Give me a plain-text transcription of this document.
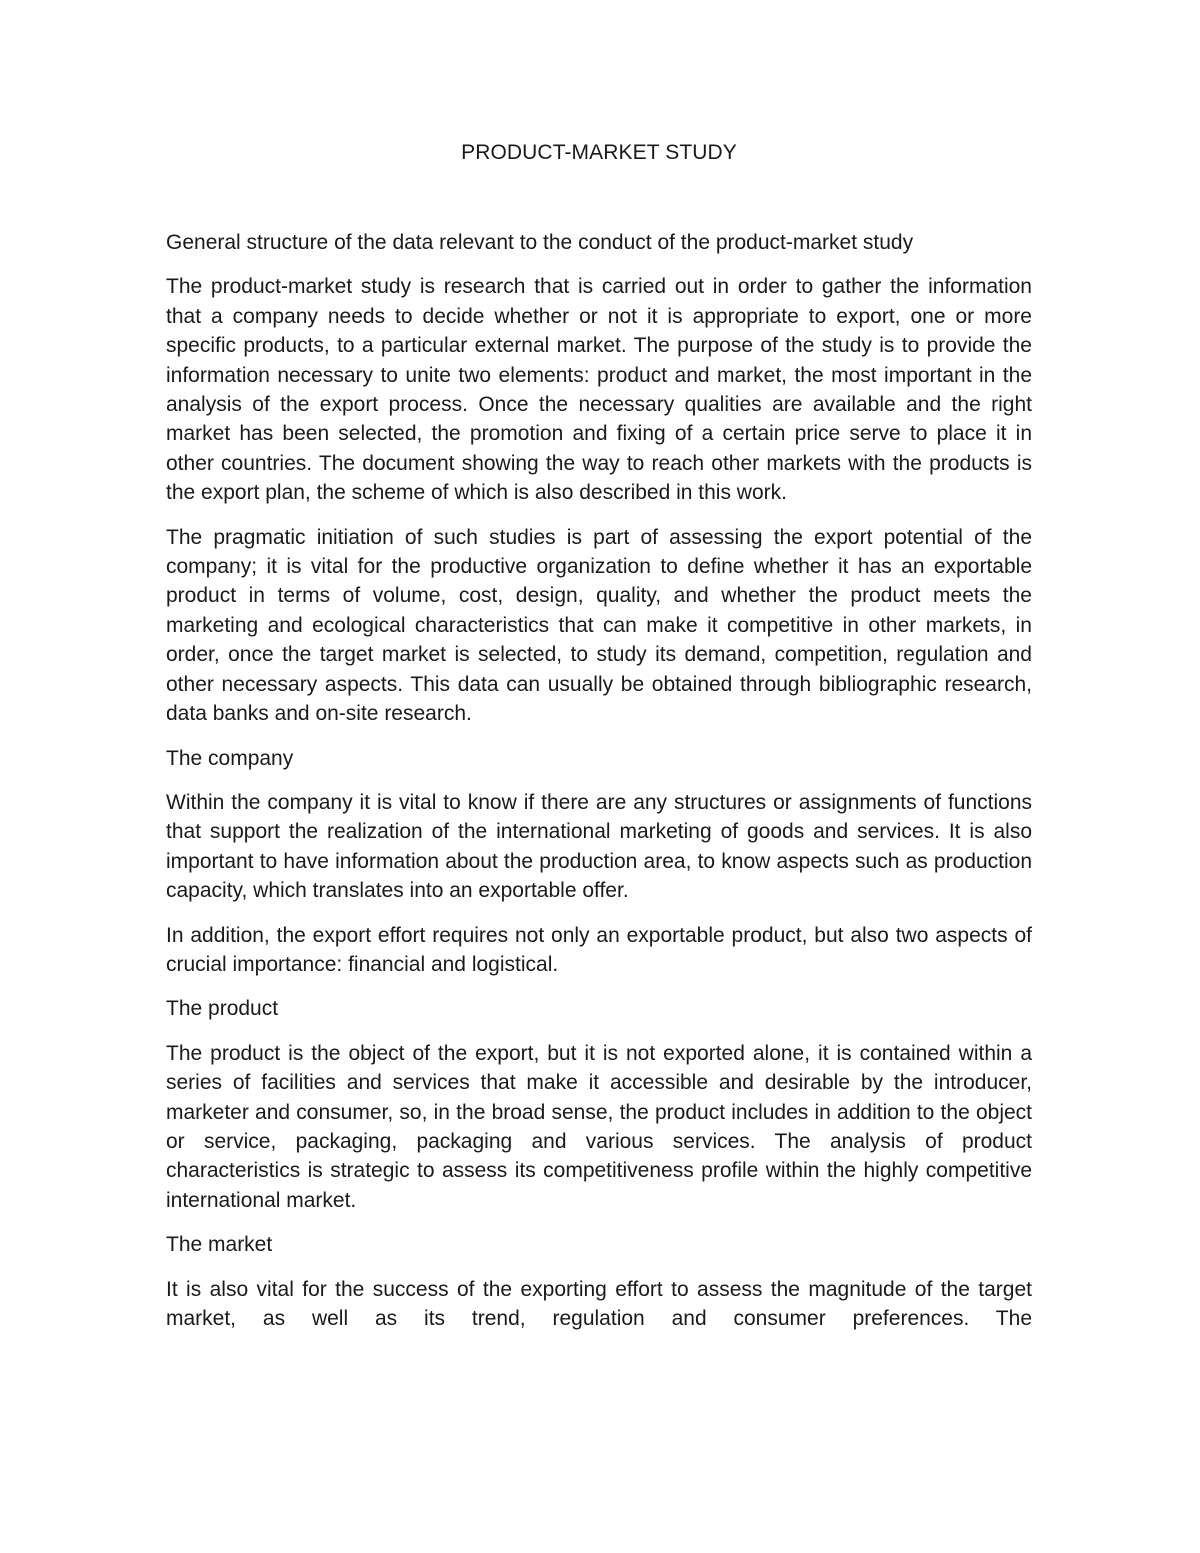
PRODUCT-MARKET STUDY

General structure of the data relevant to the conduct of the product-market study

The product-market study is research that is carried out in order to gather the information that a company needs to decide whether or not it is appropriate to export, one or more specific products, to a particular external market. The purpose of the study is to provide the information necessary to unite two elements: product and market, the most important in the analysis of the export process. Once the necessary qualities are available and the right market has been selected, the promotion and fixing of a certain price serve to place it in other countries. The document showing the way to reach other markets with the products is the export plan, the scheme of which is also described in this work.

The pragmatic initiation of such studies is part of assessing the export potential of the company; it is vital for the productive organization to define whether it has an exportable product in terms of volume, cost, design, quality, and whether the product meets the marketing and ecological characteristics that can make it competitive in other markets, in order, once the target market is selected, to study its demand, competition, regulation and other necessary aspects. This data can usually be obtained through bibliographic research, data banks and on-site research.

The company

Within the company it is vital to know if there are any structures or assignments of functions that support the realization of the international marketing of goods and services. It is also important to have information about the production area, to know aspects such as production capacity, which translates into an exportable offer.

In addition, the export effort requires not only an exportable product, but also two aspects of crucial importance: financial and logistical.

The product

The product is the object of the export, but it is not exported alone, it is contained within a series of facilities and services that make it accessible and desirable by the introducer, marketer and consumer, so, in the broad sense, the product includes in addition to the object or service, packaging, packaging and various services. The analysis of product characteristics is strategic to assess its competitiveness profile within the highly competitive international market.

The market

It is also vital for the success of the exporting effort to assess the magnitude of the target market, as well as its trend, regulation and consumer preferences. The
